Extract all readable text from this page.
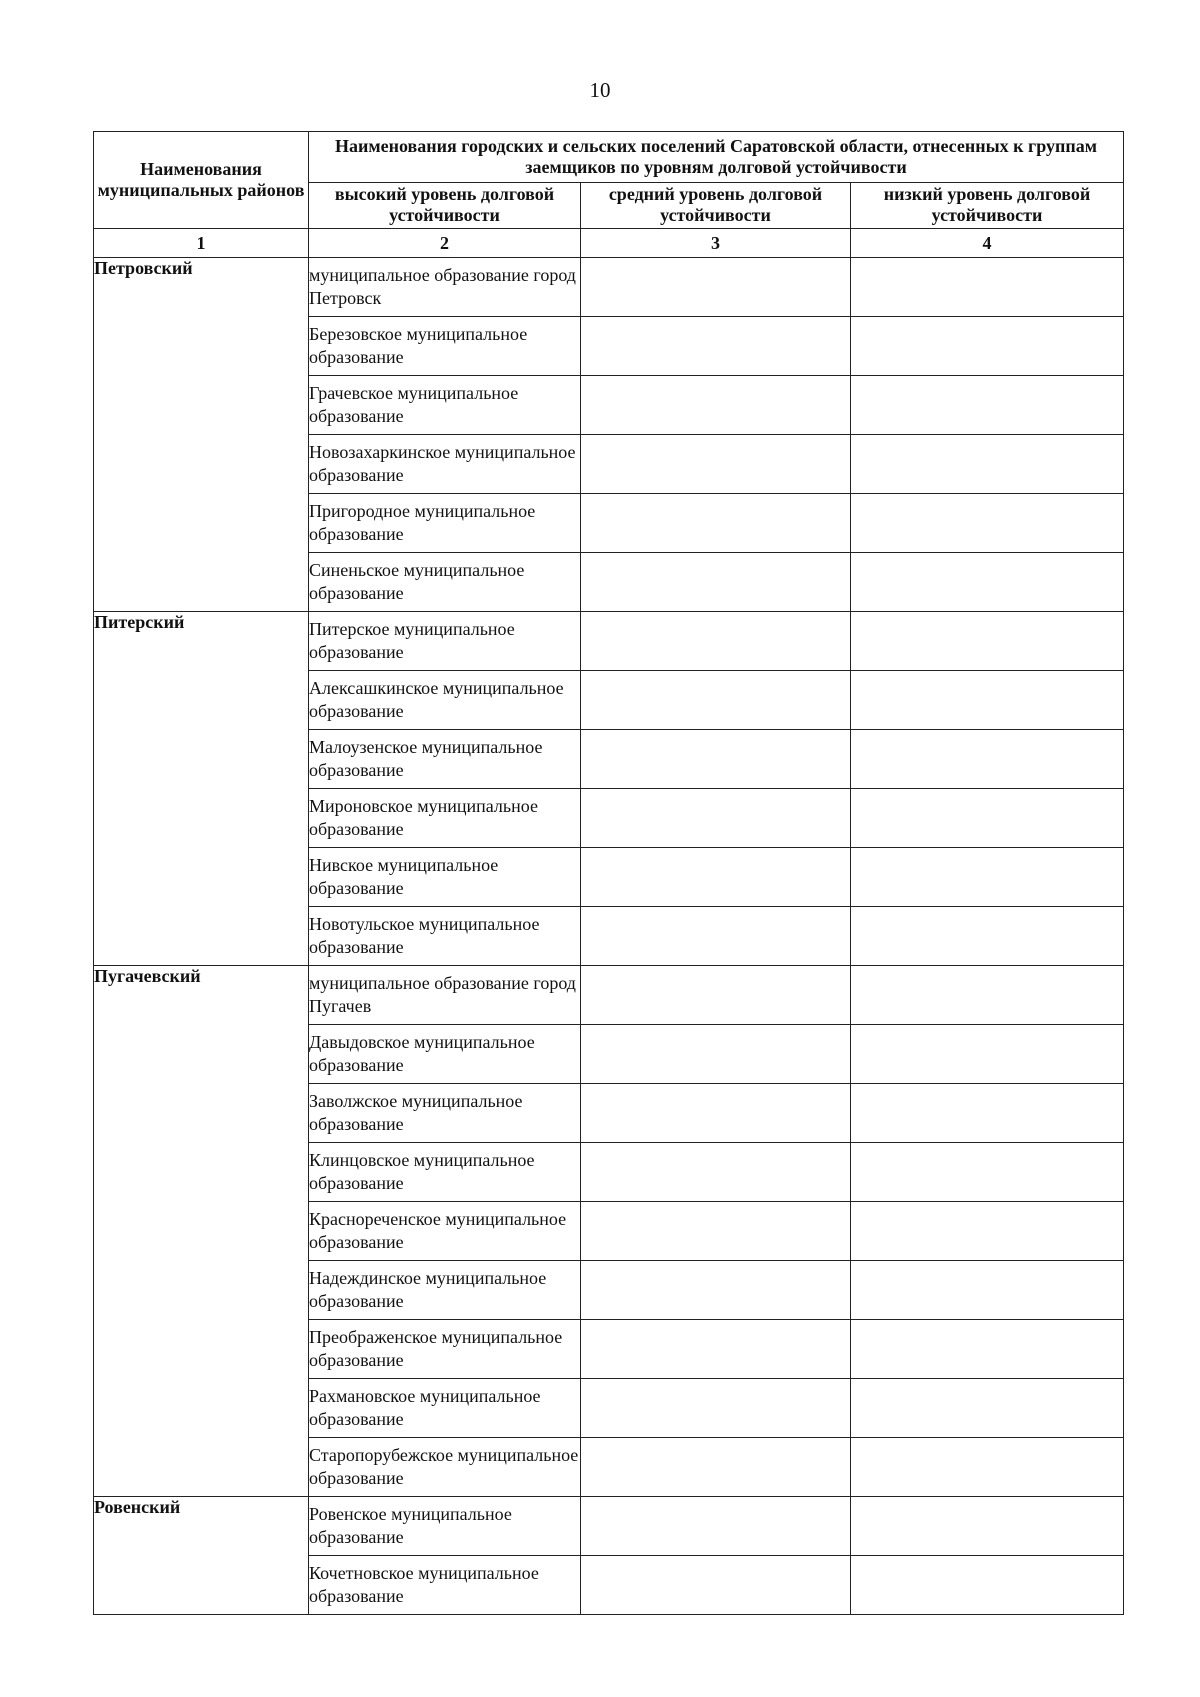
10
Наименования муниципальных районов	Наименования городских и сельских поселений Саратовской области, отнесенных к группам заемщиков по уровням долговой устойчивости		
	высокий уровень долговой устойчивости	средний уровень долговой устойчивости	низкий уровень долговой устойчивости
1	2	3	4
Петровский	муниципальное образование город Петровск		
	Березовское муниципальное образование		
	Грачевское муниципальное образование		
	Новозахаркинское муниципальное образование		
	Пригородное муниципальное образование		
	Синеньское муниципальное образование		
Питерский	Питерское муниципальное образование		
	Алексашкинское муниципальное образование		
	Малоузенское муниципальное образование		
	Мироновское муниципальное образование		
	Нивское муниципальное образование		
	Новотульское муниципальное образование		
Пугачевский	муниципальное образование город Пугачев		
	Давыдовское муниципальное образование		
	Заволжское муниципальное образование		
	Клинцовское муниципальное образование		
	Краснореченское муниципальное образование		
	Надеждинское муниципальное образование		
	Преображенское муниципальное образование		
	Рахмановское муниципальное образование		
	Старопорубежское муниципальное образование		
Ровенский	Ровенское муниципальное образование		
	Кочетновское муниципальное образование		
